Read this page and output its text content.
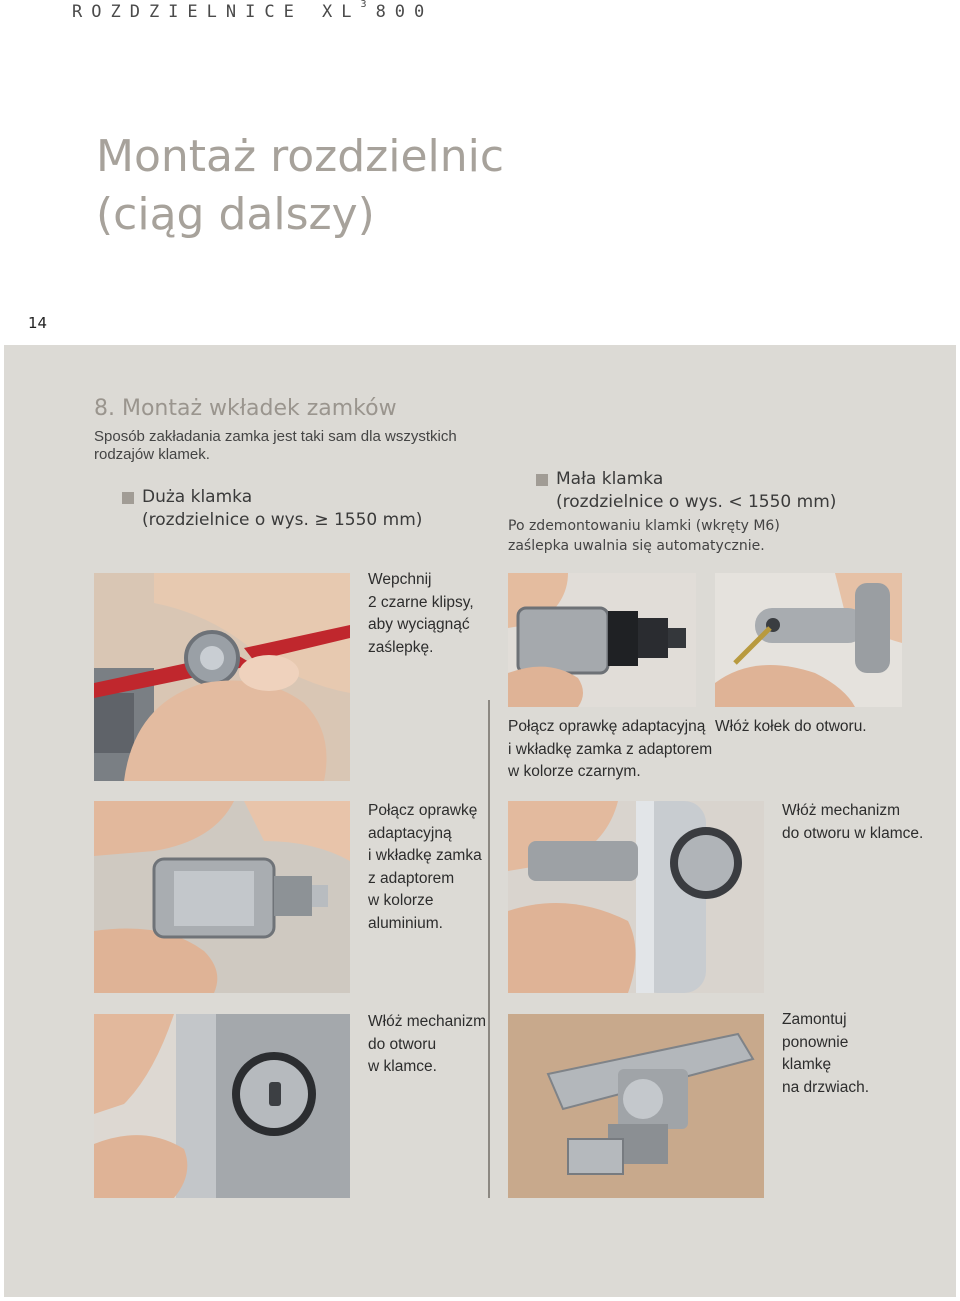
ROZDZIELNICE $XL^3$ 800
Montaż rozdzielnic
(ciąg dalszy)
14
8. Montaż wkładek zamków
Sposób zakładania zamka jest taki sam dla wszystkich rodzajów klamek.
Duża klamka
(rozdzielnice o wys. ≥ 1550 mm)
Mała klamka
(rozdzielnice o wys. < 1550 mm)
Po zdemontowaniu klamki (wkręty M6)
zaślepka uwalnia się automatycznie.
Wepchnij
2 czarne klipsy,
aby wyciągnąć
zaślepkę.
Połącz oprawkę
adaptacyjną
i wkładkę zamka
z adaptorem
w kolorze
aluminium.
Włóż mechanizm
do otworu
w klamce.
Połącz oprawkę adaptacyjną
i wkładkę zamka z adaptorem
w kolorze czarnym.
Włóż kołek do otworu.
Włóż mechanizm
do otworu w klamce.
Zamontuj
ponownie
klamkę
na drzwiach.
